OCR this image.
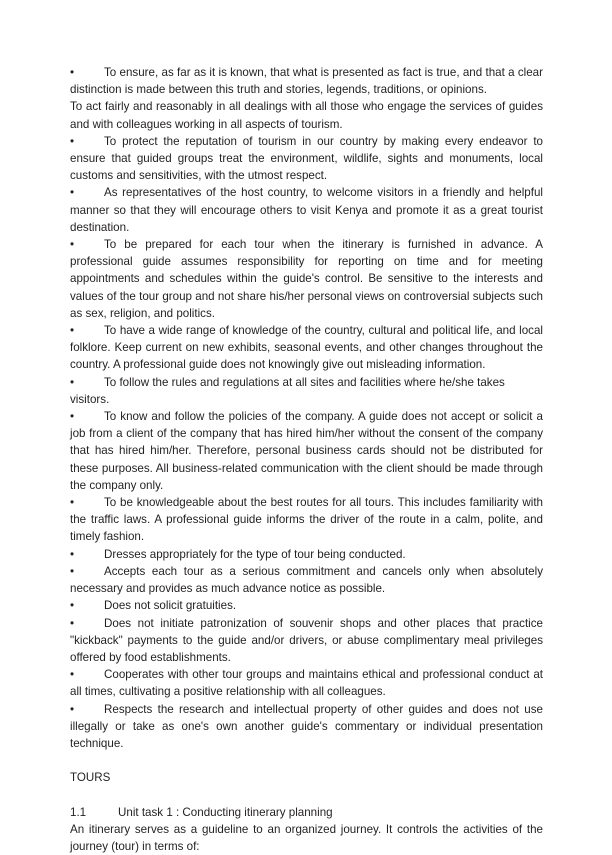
•	To ensure, as far as it is known, that what is presented as fact is true, and that a clear distinction is made between this truth and stories, legends, traditions, or opinions.

To act fairly and reasonably in all dealings with all those who engage the services of guides and with colleagues working in all aspects of tourism.

•	To protect the reputation of tourism in our country by making every endeavor to ensure that guided groups treat the environment, wildlife, sights and monuments, local customs and sensitivities, with the utmost respect.

•	As representatives of the host country, to welcome visitors in a friendly and helpful manner so that they will encourage others to visit Kenya and promote it as a great tourist destination.

•	To be prepared for each tour when the itinerary is furnished in advance. A professional guide assumes responsibility for reporting on time and for meeting appointments and schedules within the guide's control. Be sensitive to the interests and values of the tour group and not share his/her personal views on controversial subjects such as sex, religion, and politics.

•	To have a wide range of knowledge of the country, cultural and political life, and local folklore. Keep current on new exhibits, seasonal events, and other changes throughout the country. A professional guide does not knowingly give out misleading information.

•	To follow the rules and regulations at all sites and facilities where he/she takes visitors.

•	To know and follow the policies of the company. A guide does not accept or solicit a job from a client of the company that has hired him/her without the consent of the company that has hired him/her. Therefore, personal business cards should not be distributed for these purposes. All business-related communication with the client should be made through the company only.

•	To be knowledgeable about the best routes for all tours. This includes familiarity with the traffic laws. A professional guide informs the driver of the route in a calm, polite, and timely fashion.

•	Dresses appropriately for the type of tour being conducted.

•	Accepts each tour as a serious commitment and cancels only when absolutely necessary and provides as much advance notice as possible.

•	Does not solicit gratuities.

•	Does not initiate patronization of souvenir shops and other places that practice "kickback" payments to the guide and/or drivers, or abuse complimentary meal privileges offered by food establishments.

•	Cooperates with other tour groups and maintains ethical and professional conduct at all times, cultivating a positive relationship with all colleagues.

•	Respects the research and intellectual property of other guides and does not use illegally or take as one's own another guide's commentary or individual presentation technique.

TOURS

1.1	Unit task 1 : Conducting itinerary planning

An itinerary serves as a guideline to an organized journey. It controls the activities of the journey (tour) in terms of:
